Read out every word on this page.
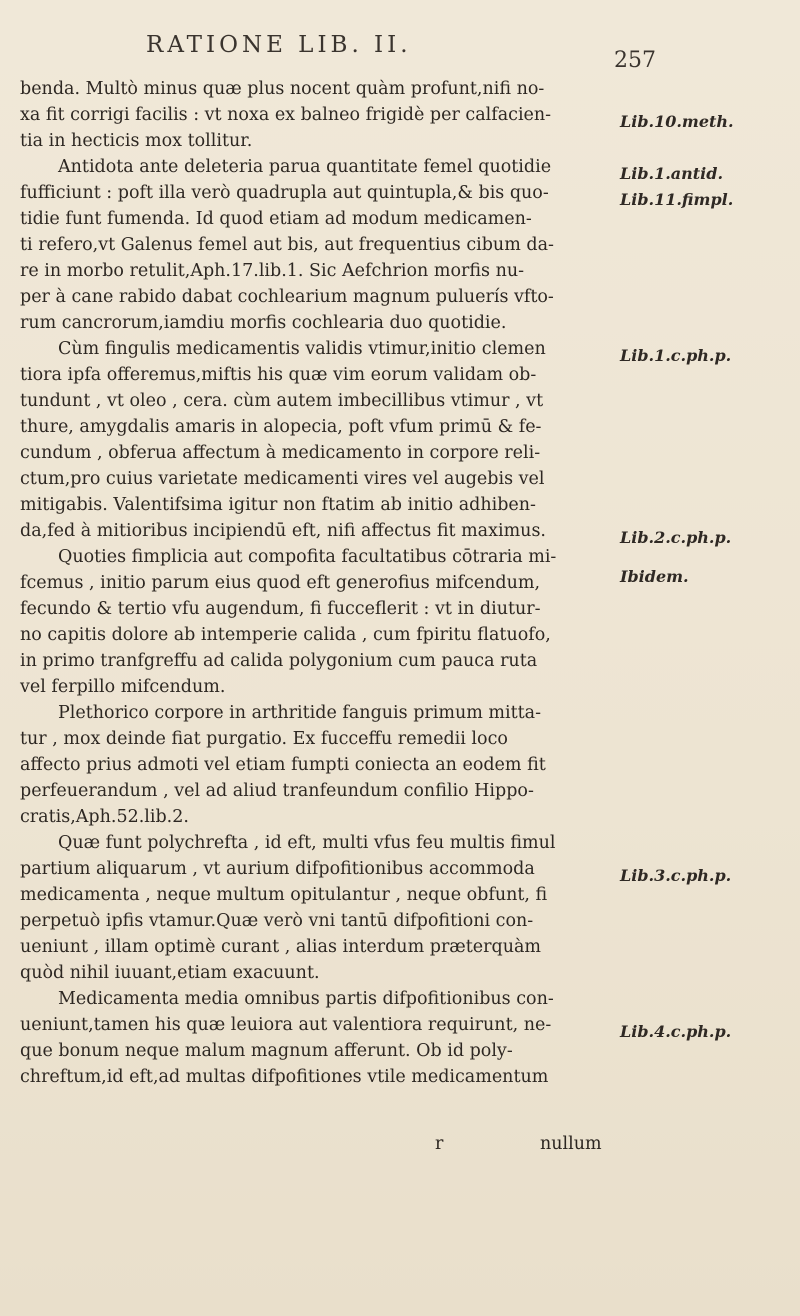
RATIONE LIB. II.
257
benda. Multò minus quæ plus nocent quàm profunt,nifi no-
xa fit corrigi facilis : vt noxa ex balneo frigidè per calfacien-
tia in hecticis mox tollitur.
Antidota ante deleteria parua quantitate femel quotidie
fufficiunt : poft illa verò quadrupla aut quintupla,& bis quo-
tidie funt fumenda. Id quod etiam ad modum medicamen-
ti refero,vt Galenus femel aut bis, aut frequentius cibum da-
re in morbo retulit,Aph.17.lib.1. Sic Aefchrion morfis nu-
per à cane rabido dabat cochlearium magnum puluerís vfto-
rum cancrorum,iamdiu morfis cochlearia duo quotidie.
Cùm fingulis medicamentis validis vtimur,initio clemen
tiora ipfa offeremus,miftis his quæ vim eorum validam ob-
tundunt , vt oleo , cera. cùm autem imbecillibus vtimur , vt
thure, amygdalis amaris in alopecia, poft vfum primū & fe-
cundum , obferua affectum à medicamento in corpore reli-
ctum,pro cuius varietate medicamenti vires vel augebis vel
mitigabis. Valentifsima igitur non ftatim ab initio adhiben-
da,fed à mitioribus incipiendū eft, nifi affectus fit maximus.
Quoties fimplicia aut compofita facultatibus cōtraria mi-
fcemus , initio parum eius quod eft generofius mifcendum,
fecundo & tertio vfu augendum, fi fucceflerit : vt in diutur-
no capitis dolore ab intemperie calida , cum fpiritu flatuofo,
in primo tranfgreffu ad calida polygonium cum pauca ruta
vel ferpillo mifcendum.
Plethorico corpore in arthritide fanguis primum mitta-
tur , mox deinde fiat purgatio. Ex fucceffu remedii loco
affecto prius admoti vel etiam fumpti coniecta an eodem fit
perfeuerandum , vel ad aliud tranfeundum confilio Hippo-
cratis,Aph.52.lib.2.
Quæ funt polychrefta , id eft, multi vfus feu multis fimul
partium aliquarum , vt aurium difpofitionibus accommoda
medicamenta , neque multum opitulantur , neque obfunt, fi
perpetuò ipfis vtamur.Quæ verò vni tantū difpofitioni con-
ueniunt , illam optimè curant , alias interdum prӕterquàm
quòd nihil iuuant,etiam exacuunt.
Medicamenta media omnibus partis difpofitionibus con-
ueniunt,tamen his quæ leuiora aut valentiora requirunt, ne-
que bonum neque malum magnum afferunt. Ob id poly-
chreftum,id eft,ad multas difpofitiones vtile medicamentum
Lib.10.meth.
Lib.1.antid.
Lib.11.fimpl.
Lib.1.c.ph.p.
Lib.2.c.ph.p.
Ibidem.
Lib.3.c.ph.p.
Lib.4.c.ph.p.
r	nullum
